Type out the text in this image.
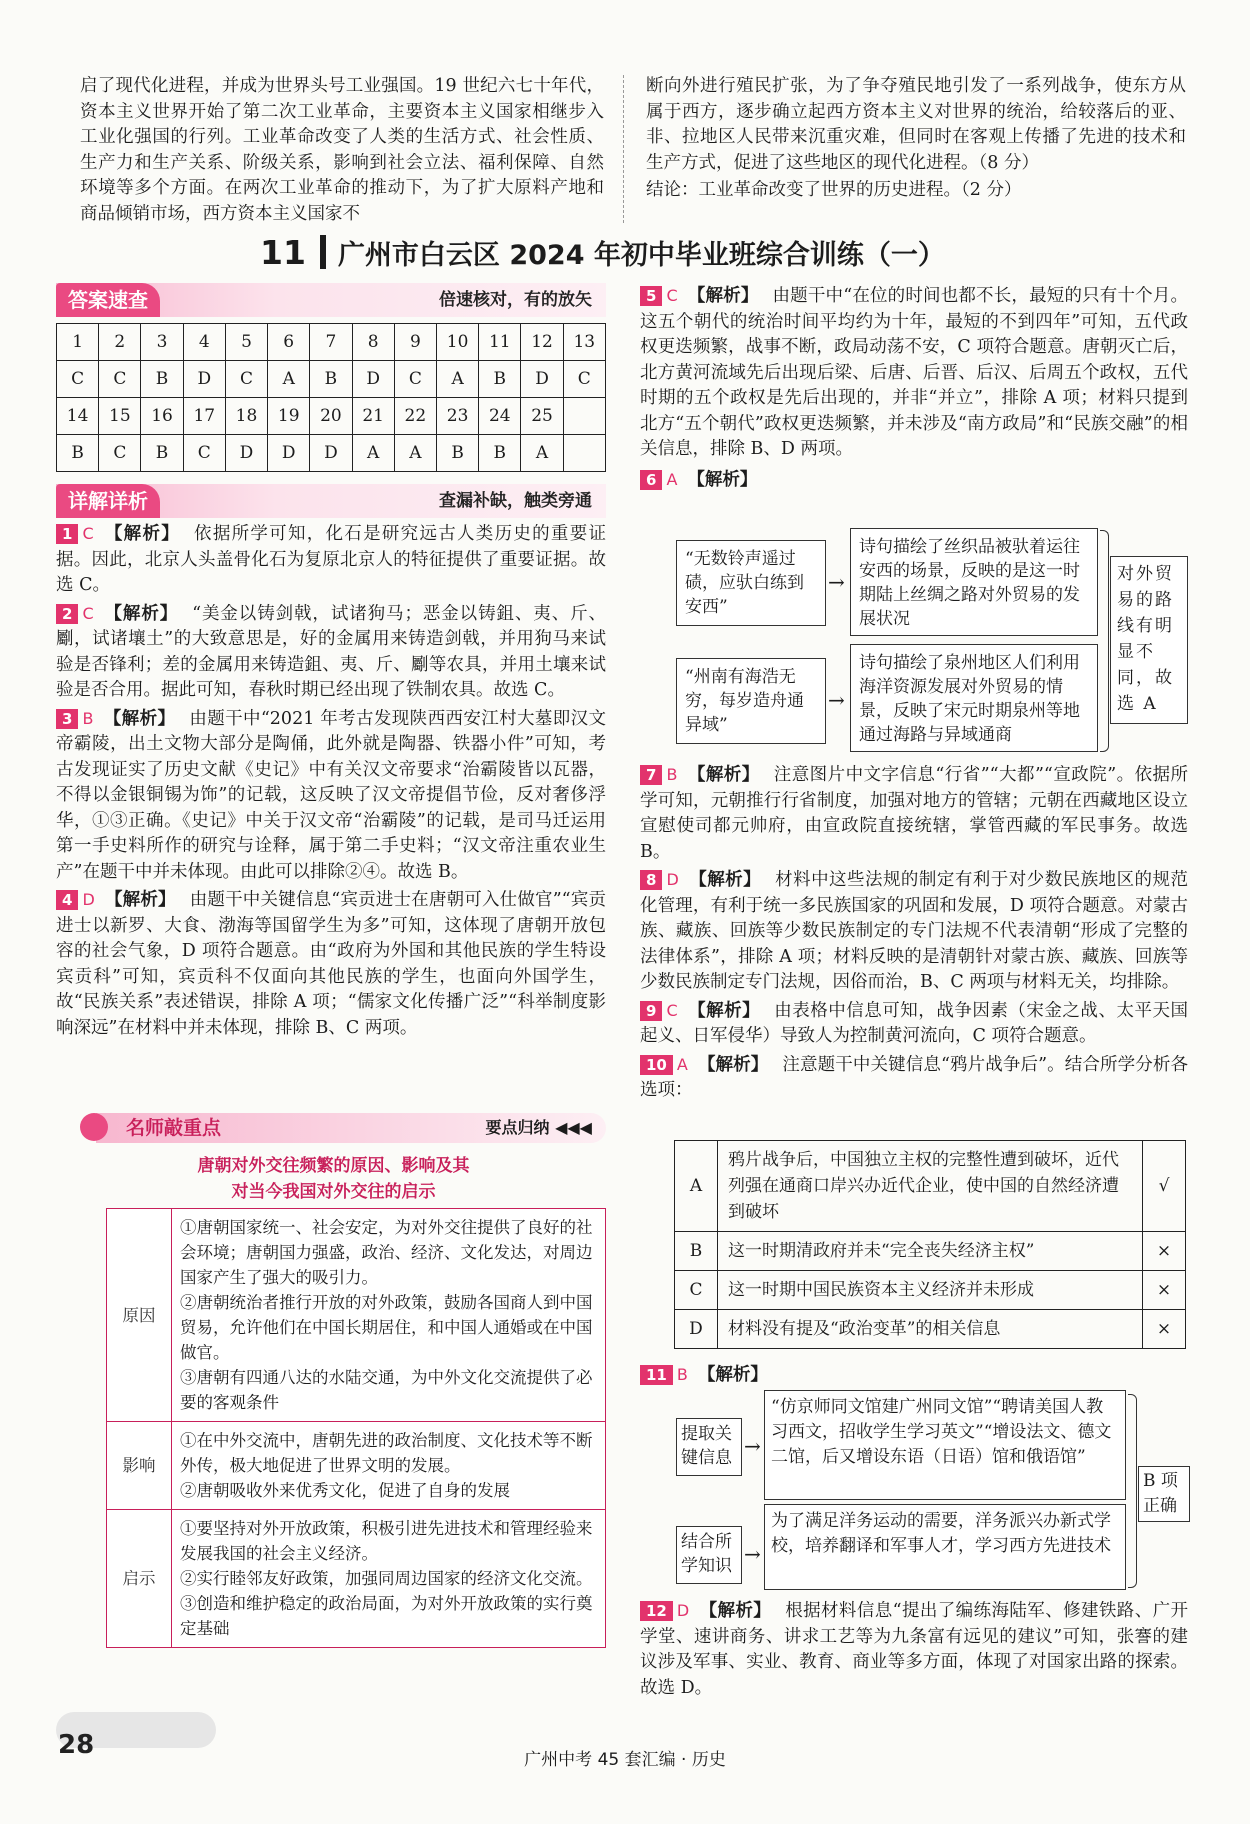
启了现代化进程，并成为世界头号工业强国。19 世纪六七十年代，资本主义世界开始了第二次工业革命，主要资本主义国家相继步入工业化强国的行列。工业革命改变了人类的生活方式、社会性质、生产力和生产关系、阶级关系，影响到社会立法、福利保障、自然环境等多个方面。在两次工业革命的推动下，为了扩大原料产地和商品倾销市场，西方资本主义国家不

断向外进行殖民扩张，为了争夺殖民地引发了一系列战争，使东方从属于西方，逐步确立起西方资本主义对世界的统治，给较落后的亚、非、拉地区人民带来沉重灾难，但同时在客观上传播了先进的技术和生产方式，促进了这些地区的现代化进程。（8 分）

结论：工业革命改变了世界的历史进程。（2 分）

11 广州市白云区 2024 年初中毕业班综合训练（一）
答案速查	倍速核对，有的放矢
1	2	3	4	5	6	7	8	9	10	11	12	13
C	C	B	D	C	A	B	D	C	A	B	D	C
14	15	16	17	18	19	20	21	22	23	24	25	
B	C	B	C	D	D	D	A	A	B	B	A	
详解详析	查漏补缺，触类旁通

1 C 【解析】 依据所学可知，化石是研究远古人类历史的重要证据。因此，北京人头盖骨化石为复原北京人的特征提供了重要证据。故选 C。

2 C 【解析】 “美金以铸剑戟，试诸狗马；恶金以铸鉏、夷、斤、劚，试诸壤土”的大致意思是，好的金属用来铸造剑戟，并用狗马来试验是否锋利；差的金属用来铸造鉏、夷、斤、劚等农具，并用土壤来试验是否合用。据此可知，春秋时期已经出现了铁制农具。故选 C。

3 B 【解析】 由题干中“2021 年考古发现陕西西安江村大墓即汉文帝霸陵，出土文物大部分是陶俑，此外就是陶器、铁器小件”可知，考古发现证实了历史文献《史记》中有关汉文帝要求“治霸陵皆以瓦器，不得以金银铜锡为饰”的记载，这反映了汉文帝提倡节俭，反对奢侈浮华，①③正确。《史记》中关于汉文帝“治霸陵”的记载，是司马迁运用第一手史料所作的研究与诠释，属于第二手史料；“汉文帝注重农业生产”在题干中并未体现。由此可以排除②④。故选 B。

4 D 【解析】 由题干中关键信息“宾贡进士在唐朝可入仕做官”“宾贡进士以新罗、大食、渤海等国留学生为多”可知，这体现了唐朝开放包容的社会气象，D 项符合题意。由“政府为外国和其他民族的学生特设宾贡科”可知，宾贡科不仅面向其他民族的学生，也面向外国学生，故“民族关系”表述错误，排除 A 项；“儒家文化传播广泛”“科举制度影响深远”在材料中并未体现，排除 B、C 两项。

名师敲重点	要点归纳 ◀◀◀
唐朝对外交往频繁的原因、影响及其
对当今我国对外交往的启示
原因	①唐朝国家统一、社会安定，为对外交往提供了良好的社会环境；唐朝国力强盛，政治、经济、文化发达，对周边国家产生了强大的吸引力。
②唐朝统治者推行开放的对外政策，鼓励各国商人到中国贸易，允许他们在中国长期居住，和中国人通婚或在中国做官。
③唐朝有四通八达的水陆交通，为中外文化交流提供了必要的客观条件

影响	①在中外交流中，唐朝先进的政治制度、文化技术等不断外传，极大地促进了世界文明的发展。
②唐朝吸收外来优秀文化，促进了自身的发展

启示	①要坚持对外开放政策，积极引进先进技术和管理经验来发展我国的社会主义经济。
②实行睦邻友好政策，加强同周边国家的经济文化交流。
③创造和维护稳定的政治局面，为对外开放政策的实行奠定基础

5 C 【解析】 由题干中“在位的时间也都不长，最短的只有十个月。这五个朝代的统治时间平均约为十年，最短的不到四年”可知，五代政权更迭频繁，战事不断，政局动荡不安，C 项符合题意。唐朝灭亡后，北方黄河流域先后出现后梁、后唐、后晋、后汉、后周五个政权，五代时期的五个政权是先后出现的，并非“并立”，排除 A 项；材料只提到北方“五个朝代”政权更迭频繁，并未涉及“南方政局”和“民族交融”的相关信息，排除 B、D 两项。

6 A 【解析】

“无数铃声遥过碛，应驮白练到安西”
→
诗句描绘了丝织品被驮着运往安西的场景，反映的是这一时期陆上丝绸之路对外贸易的发展状况
“州南有海浩无穷，每岁造舟通异域”
→
诗句描绘了泉州地区人们利用海洋资源发展对外贸易的情景，反映了宋元时期泉州等地通过海路与异域通商
对外贸易的路线有明显不同，故选 A

7 B 【解析】 注意图片中文字信息“行省”“大都”“宣政院”。依据所学可知，元朝推行行省制度，加强对地方的管辖；元朝在西藏地区设立宣慰使司都元帅府，由宣政院直接统辖，掌管西藏的军民事务。故选 B。

8 D 【解析】 材料中这些法规的制定有利于对少数民族地区的规范化管理，有利于统一多民族国家的巩固和发展，D 项符合题意。对蒙古族、藏族、回族等少数民族制定的专门法规不代表清朝“形成了完整的法律体系”，排除 A 项；材料反映的是清朝针对蒙古族、藏族、回族等少数民族制定专门法规，因俗而治，B、C 两项与材料无关，均排除。

9 C 【解析】 由表格中信息可知，战争因素（宋金之战、太平天国起义、日军侵华）导致人为控制黄河流向，C 项符合题意。

10 A 【解析】 注意题干中关键信息“鸦片战争后”。结合所学分析各选项：

A	鸦片战争后，中国独立主权的完整性遭到破坏，近代列强在通商口岸兴办近代企业，使中国的自然经济遭到破坏	√
B	这一时期清政府并未“完全丧失经济主权”	×
C	这一时期中国民族资本主义经济并未形成	×
D	材料没有提及“政治变革”的相关信息	×

11 B 【解析】

提取关键信息 →
“仿京师同文馆建广州同文馆”“聘请美国人教习西文，招收学生学习英文”“增设法文、德文二馆，后又增设东语（日语）馆和俄语馆”
结合所学知识 →
为了满足洋务运动的需要，洋务派兴办新式学校，培养翻译和军事人才，学习西方先进技术
B 项正确

12 D 【解析】 根据材料信息“提出了编练海陆军、修建铁路、广开学堂、速讲商务、讲求工艺等为九条富有远见的建议”可知，张謇的建议涉及军事、实业、教育、商业等多方面，体现了对国家出路的探索。故选 D。

28	广州中考 45 套汇编 · 历史
